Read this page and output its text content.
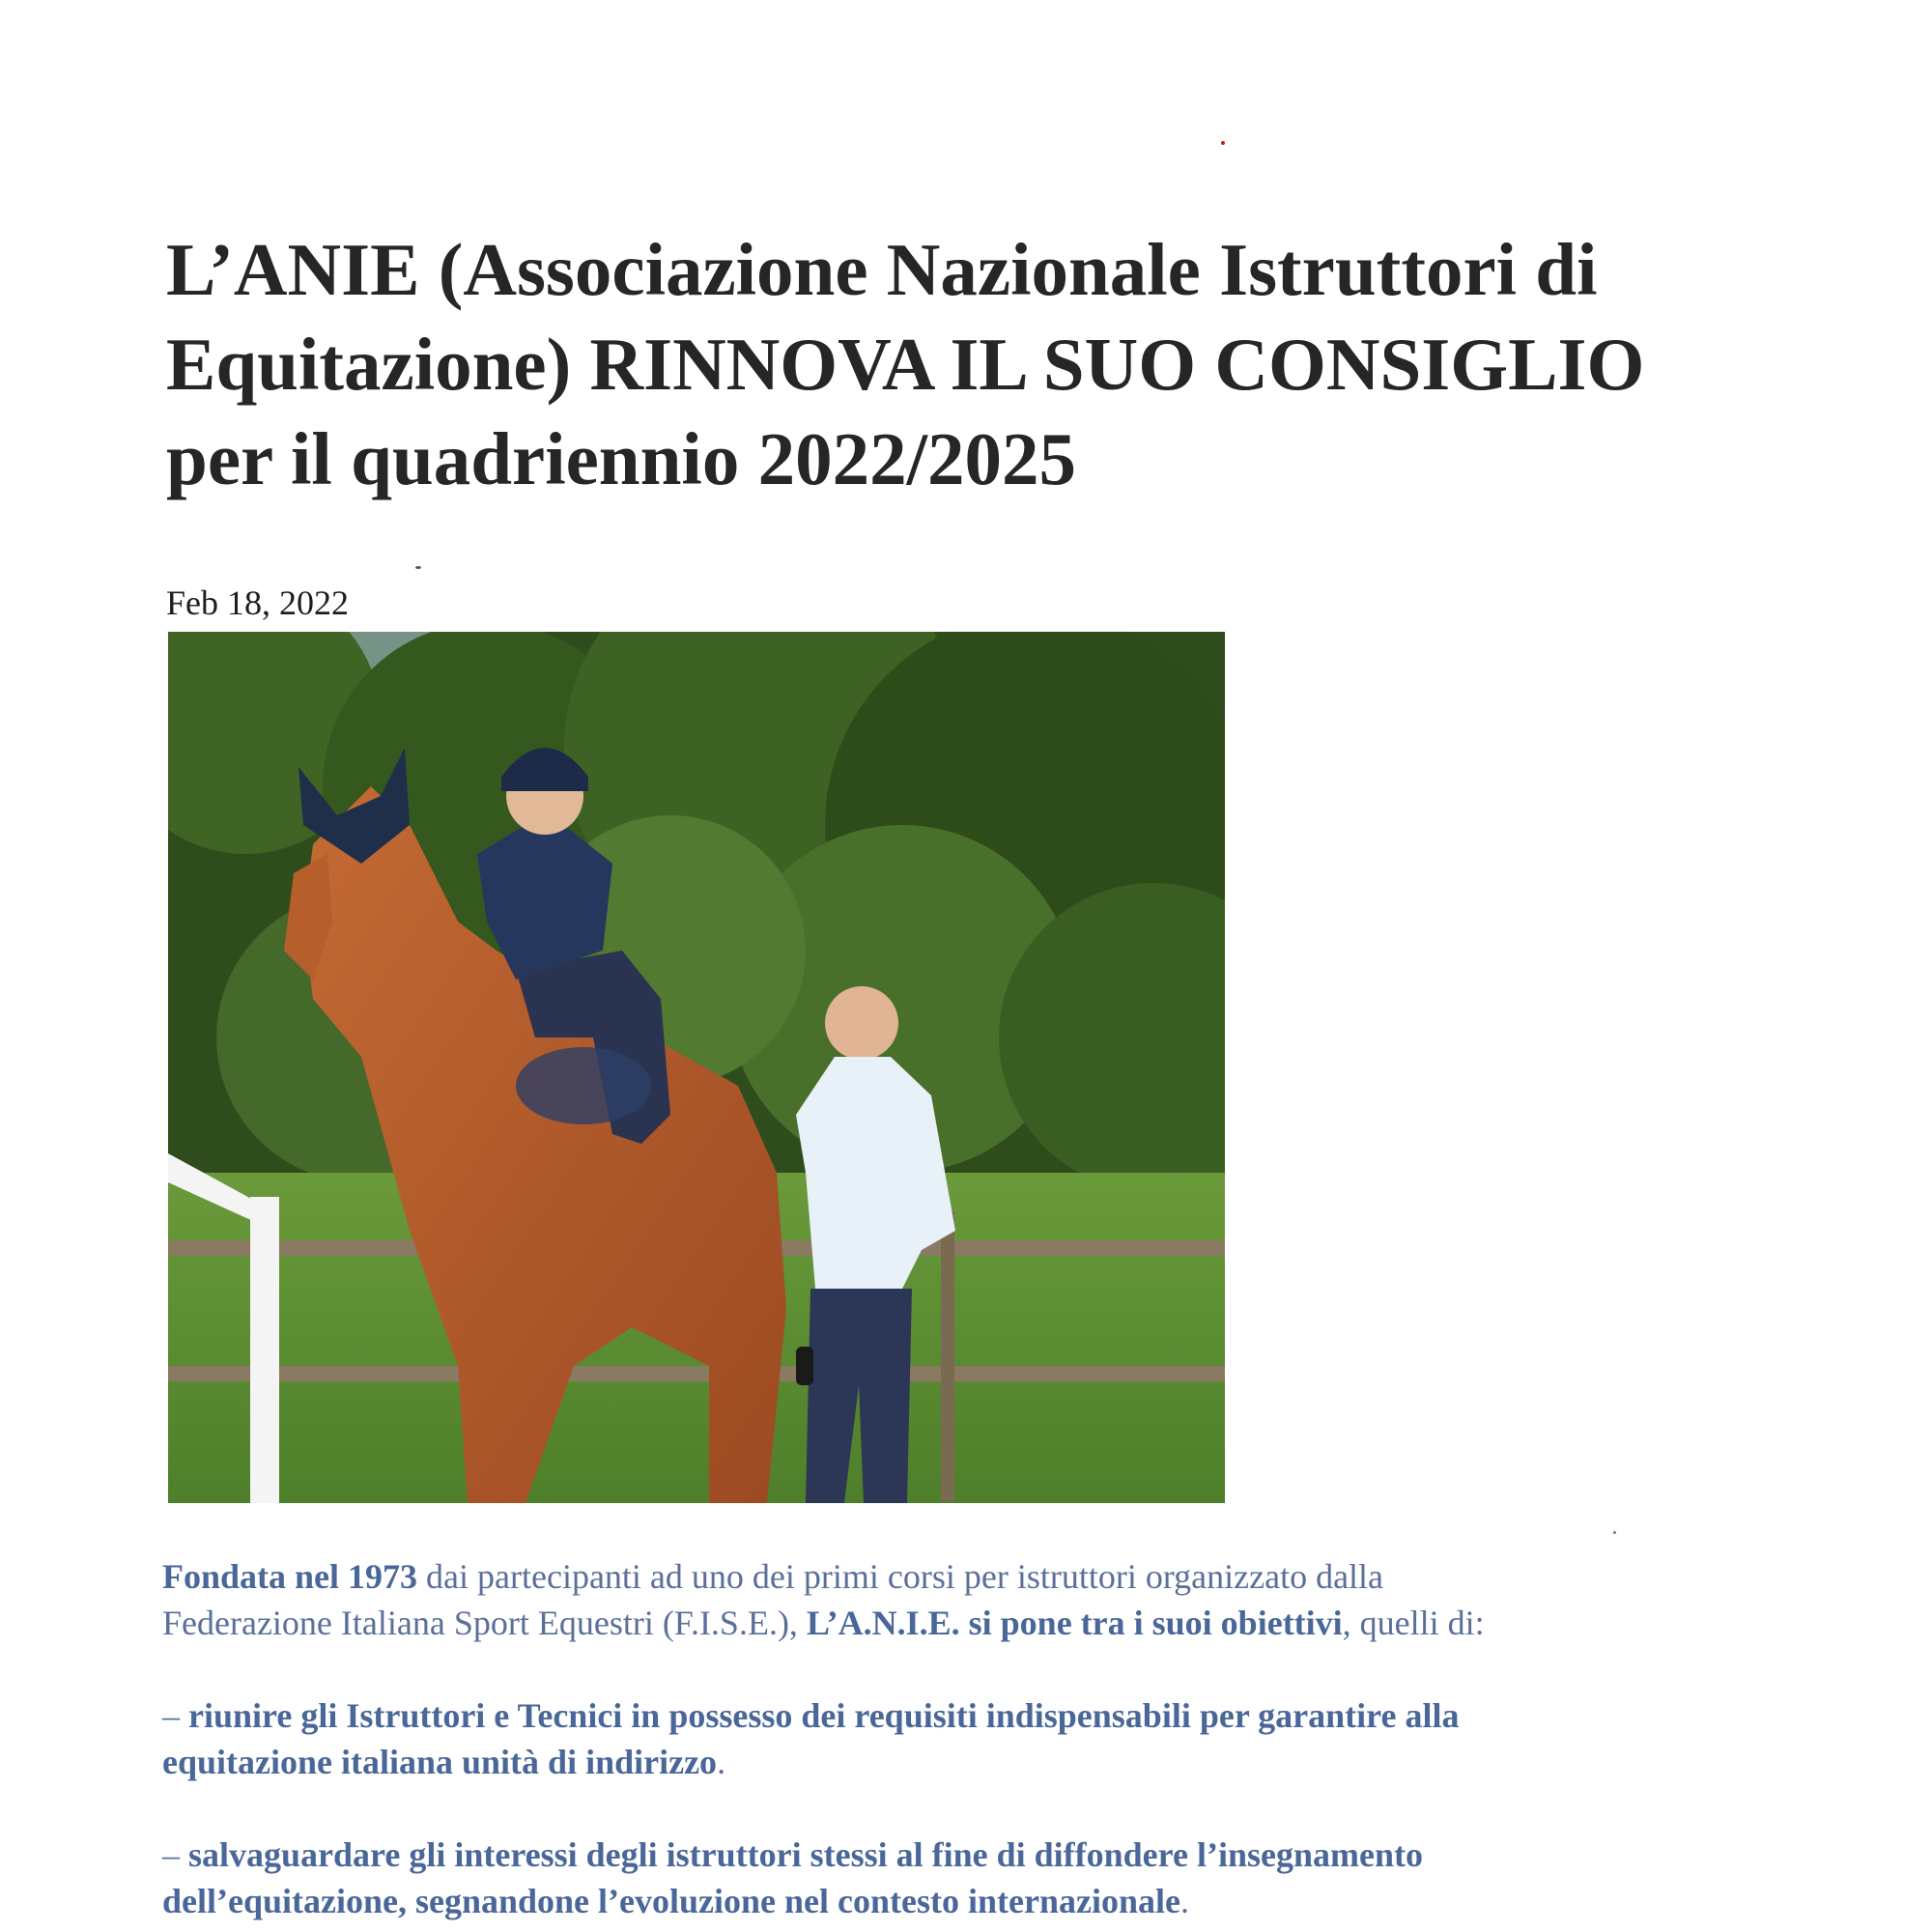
L’ANIE (Associazione Nazionale Istruttori di
Equitazione) RINNOVA IL SUO CONSIGLIO
per il quadriennio 2022/2025
Feb 18, 2022
Fondata nel 1973 dai partecipanti ad uno dei primi corsi per istruttori organizzato dalla
Federazione Italiana Sport Equestri (F.I.S.E.), L’A.N.I.E. si pone tra i suoi obiettivi, quelli di:
– riunire gli Istruttori e Tecnici in possesso dei requisiti indispensabili per garantire alla
equitazione italiana unità di indirizzo.
– salvaguardare gli interessi degli istruttori stessi al fine di diffondere l’insegnamento
dell’equitazione, segnandone l’evoluzione nel contesto internazionale.
